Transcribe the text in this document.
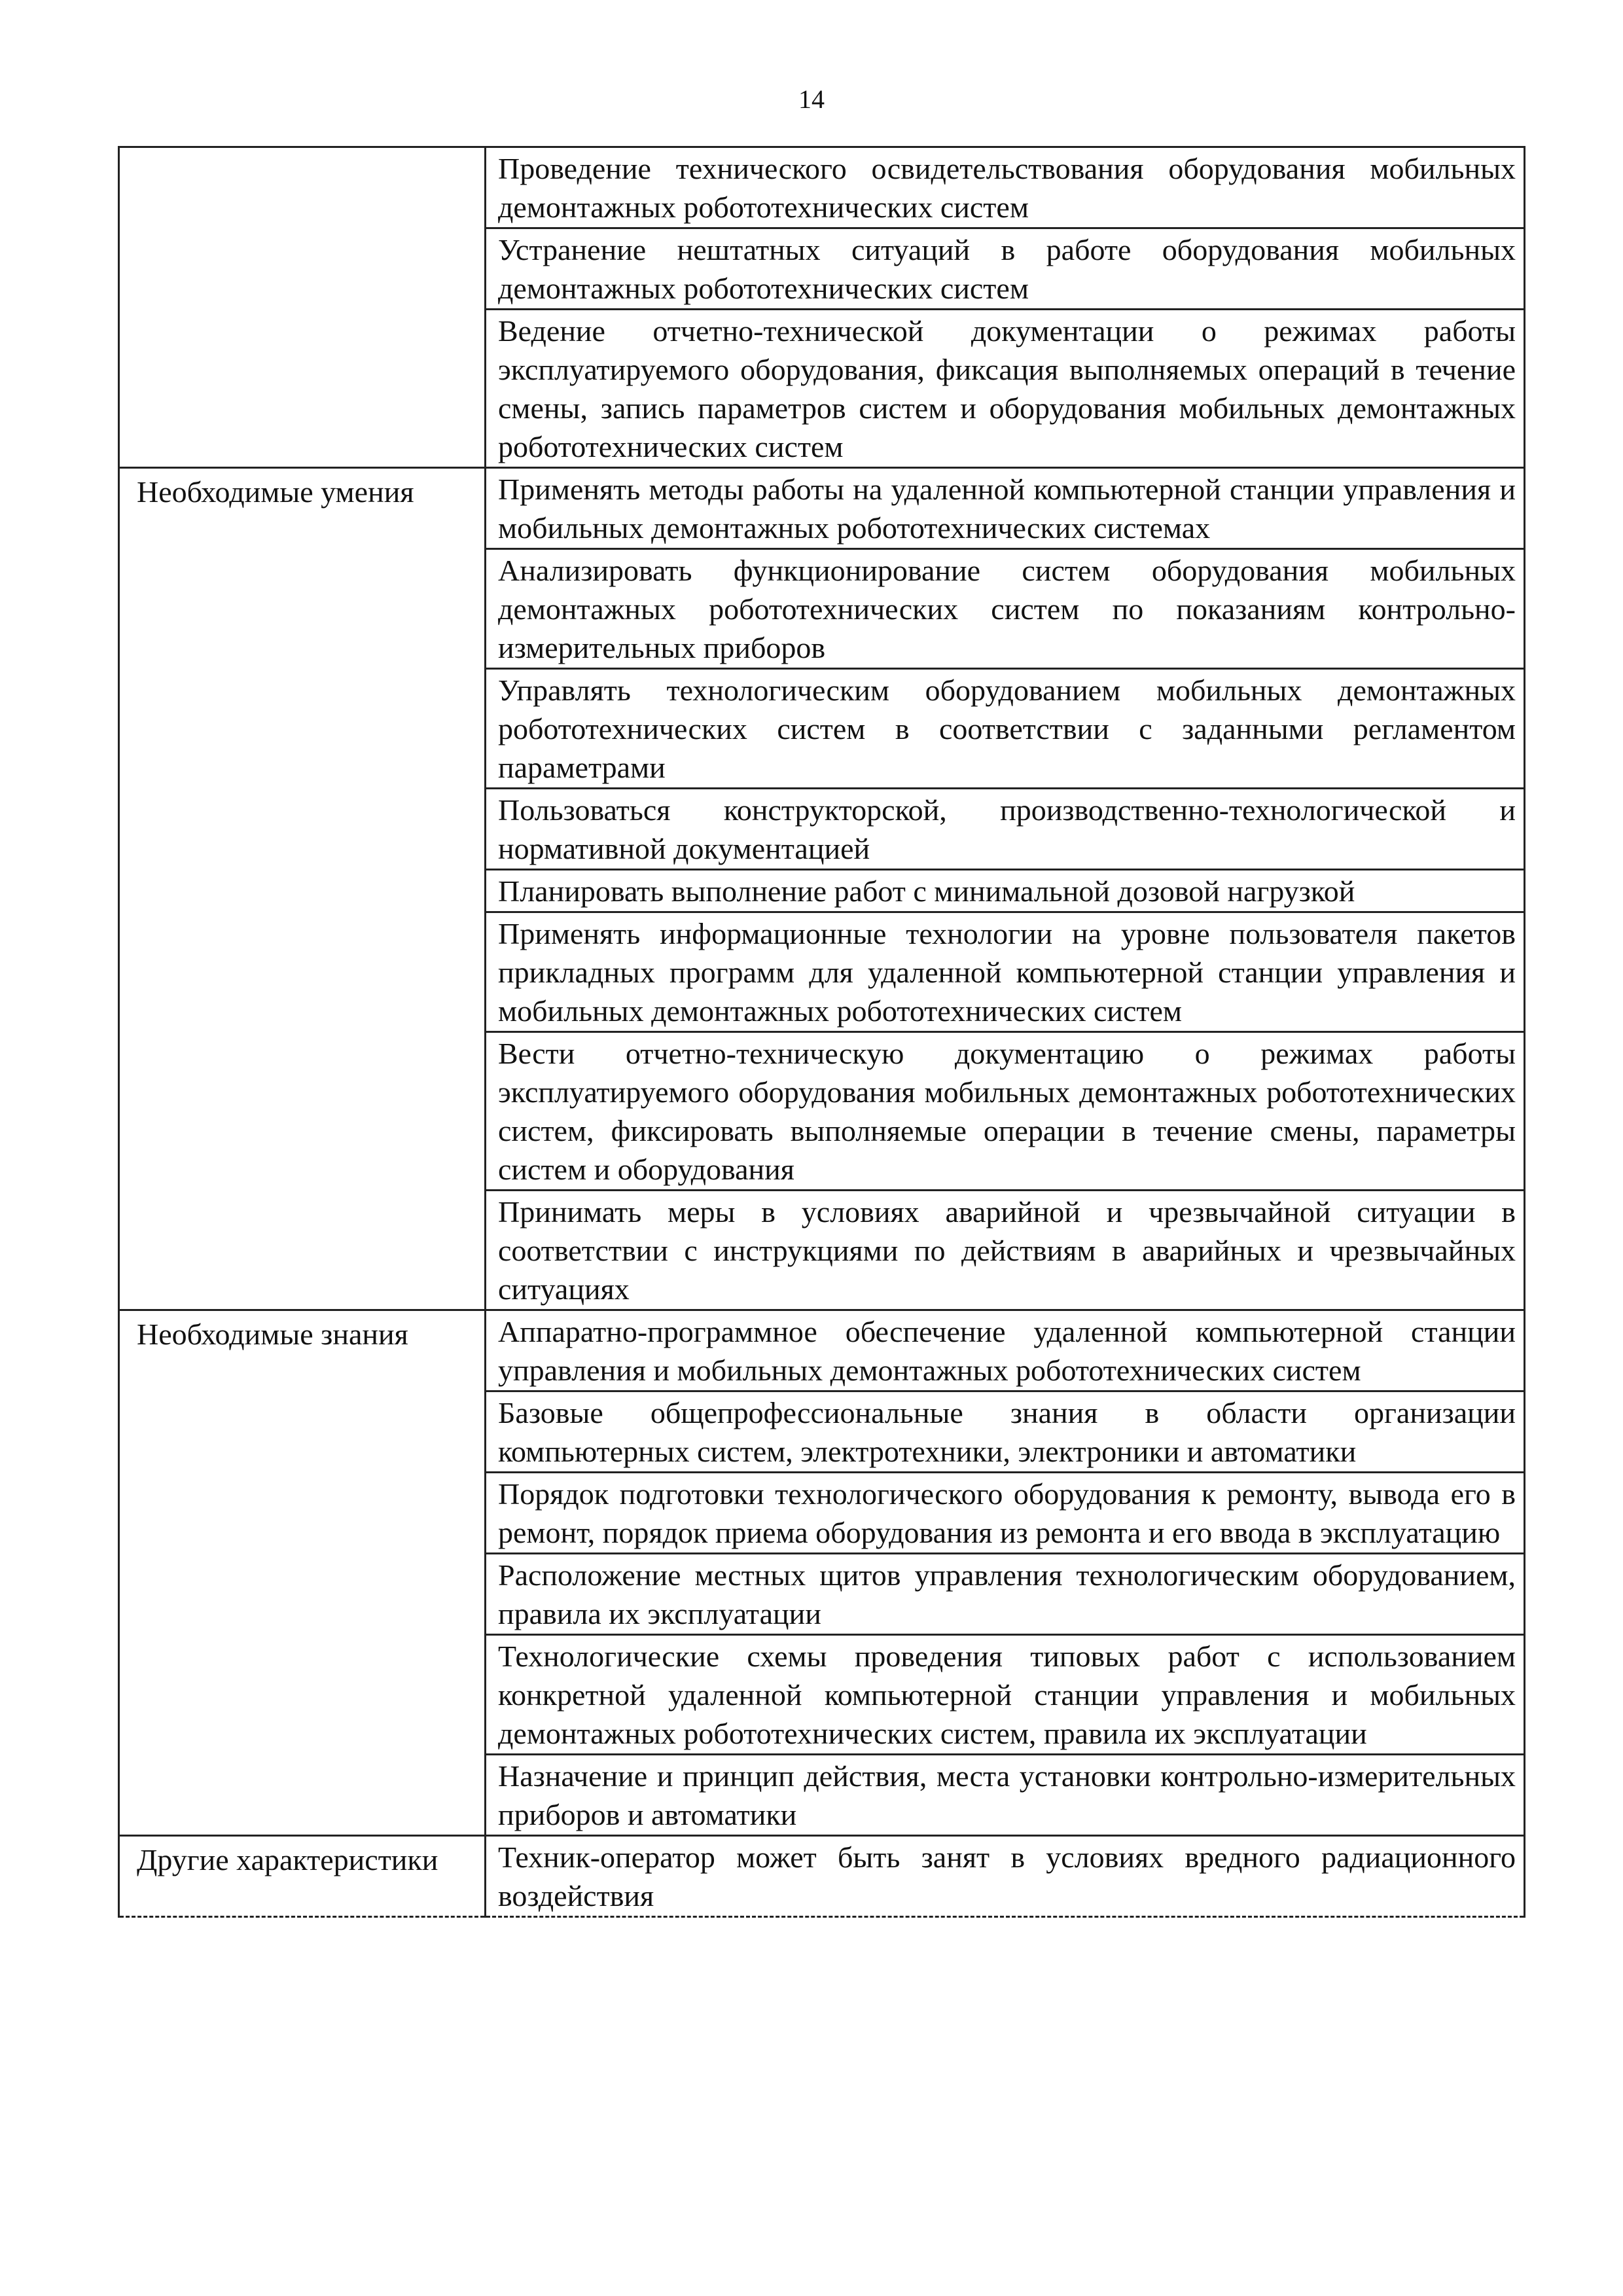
14
	Проведение технического освидетельствования оборудования мобильных демонтажных робототехнических систем
	Устранение нештатных ситуаций в работе оборудования мобильных демонтажных робототехнических систем
	Ведение отчетно-технической документации о режимах работы эксплуатируемого оборудования, фиксация выполняемых операций в течение смены, запись параметров систем и оборудования мобильных демонтажных робототехнических систем
Необходимые умения	Применять методы работы на удаленной компьютерной станции управления и мобильных демонтажных робототехнических системах
	Анализировать функционирование систем оборудования мобильных демонтажных робототехнических систем по показаниям контрольно-измерительных приборов
	Управлять технологическим оборудованием мобильных демонтажных робототехнических систем в соответствии с заданными регламентом параметрами
	Пользоваться конструкторской, производственно-технологической и нормативной документацией
	Планировать выполнение работ с минимальной дозовой нагрузкой
	Применять информационные технологии на уровне пользователя пакетов прикладных программ для удаленной компьютерной станции управления и мобильных демонтажных робототехнических систем
	Вести отчетно-техническую документацию о режимах работы эксплуатируемого оборудования мобильных демонтажных робототехнических систем, фиксировать выполняемые операции в течение смены, параметры систем и оборудования
	Принимать меры в условиях аварийной и чрезвычайной ситуации в соответствии с инструкциями по действиям в аварийных и чрезвычайных ситуациях
Необходимые знания	Аппаратно-программное обеспечение удаленной компьютерной станции управления и мобильных демонтажных робототехнических систем
	Базовые общепрофессиональные знания в области организации компьютерных систем, электротехники, электроники и автоматики
	Порядок подготовки технологического оборудования к ремонту, вывода его в ремонт, порядок приема оборудования из ремонта и его ввода в эксплуатацию
	Расположение местных щитов управления технологическим оборудованием, правила их эксплуатации
	Технологические схемы проведения типовых работ с использованием конкретной удаленной компьютерной станции управления и мобильных демонтажных робототехнических систем, правила их эксплуатации
	Назначение и принцип действия, места установки контрольно-измерительных приборов и автоматики
Другие характеристики	Техник-оператор может быть занят в условиях вредного радиационного воздействия
